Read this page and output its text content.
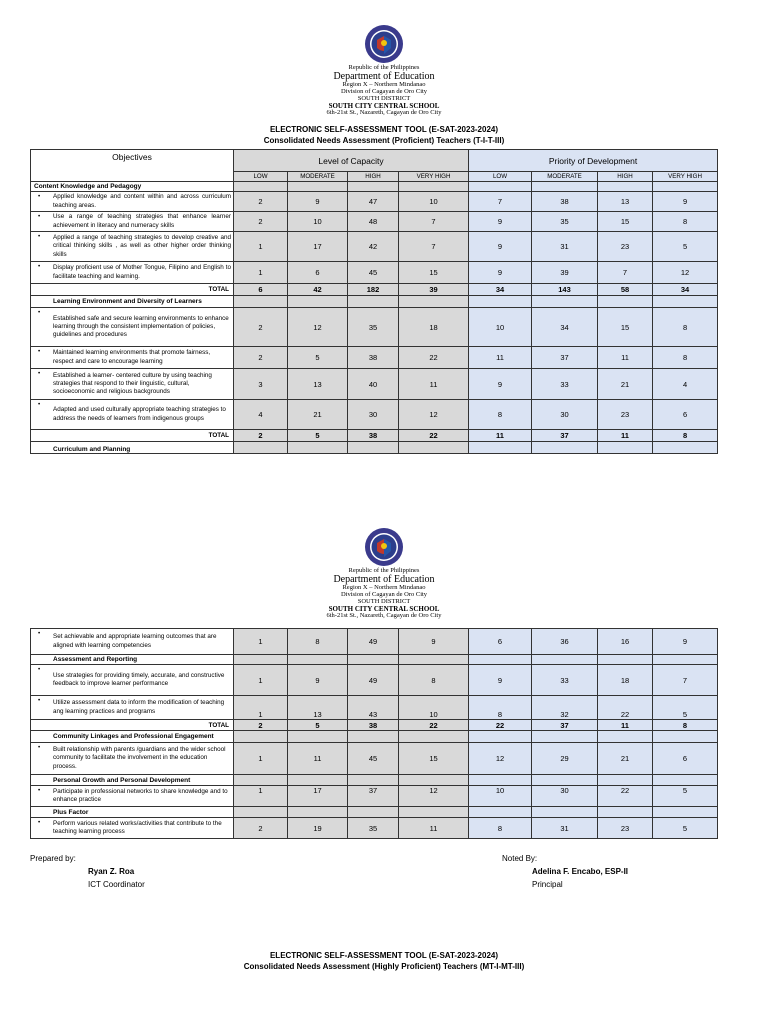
Republic of the Philippines
Department of Education
Region X – Northern Mindanao
Division of Cagayan de Oro City
SOUTH DISTRICT
SOUTH CITY CENTRAL SCHOOL
6th-21st St., Nazareth, Cagayan de Oro City
ELECTRONIC SELF-ASSESSMENT TOOL (E-SAT-2023-2024)
Consolidated Needs Assessment (Proficient) Teachers (T-I-T-III)
Objectives	Level of Capacity				Priority of Development			
	LOW	MODERATE	HIGH	VERY HIGH	LOW	MODERATE	HIGH	VERY HIGH
Content Knowledge and Pedagogy								
• Applied knowledge and content within and across curriculum teaching areas.	2	9	47	10	7	38	13	9
• Use a range of teaching strategies that enhance learner achievement in literacy and numeracy skills	2	10	48	7	9	35	15	8
• Applied a range of teaching strategies to develop creative and critical thinking skills , as well as other higher order thinking skills	1	17	42	7	9	31	23	5
• Display proficient use of Mother Tongue, Filipino and English to facilitate teaching and learning.	1	6	45	15	9	39	7	12
TOTAL	6	42	182	39	34	143	58	34
Learning Environment and Diversity of Learners								
• Established safe and secure learning environments to enhance learning through the consistent implementation of policies, guidelines and procedures	2	12	35	18	10	34	15	8
• Maintained learning environments that promote fairness, respect and care to encourage learning	2	5	38	22	11	37	11	8
• Established a learner- centered culture by using teaching strategies that respond to their linguistic, cultural, socioeconomic and religious backgrounds	3	13	40	11	9	33	21	4
• Adapted and used culturally appropriate teaching strategies to address the needs of learners from indigenous groups	4	21	30	12	8	30	23	6
TOTAL	2	5	38	22	11	37	11	8
Curriculum and Planning								
Republic of the Philippines
Department of Education
Region X – Northern Mindanao
Division of Cagayan de Oro City
SOUTH DISTRICT
SOUTH CITY CENTRAL SCHOOL
6th-21st St., Nazareth, Cagayan de Oro City
• Set achievable and appropriate learning outcomes that are aligned with learning competencies	1	8	49	9	6	36	16	9
Assessment and Reporting								
• Use strategies for providing timely, accurate, and constructive feedback to improve learner performance	1	9	49	8	9	33	18	7
• Utilize assessment data to inform the modification of teaching ang learning practices and programs	1	13	43	10	8	32	22	5
TOTAL	2	5	38	22	22	37	11	8
Community Linkages and Professional Engagement								
• Built relationship with parents /guardians and the wider school community to facilitate the involvement in the education process.	1	11	45	15	12	29	21	6
Personal Growth and Personal Development								
• Participate in professional networks to share knowledge and to enhance practice	1	17	37	12	10	30	22	5
Plus Factor								
• Perform various related works/activities that contribute to the teaching learning process	2	19	35	11	8	31	23	5
Prepared by:
Ryan Z. Roa
ICT Coordinator
Noted By:
Adelina F. Encabo, ESP-II
Principal
ELECTRONIC SELF-ASSESSMENT TOOL (E-SAT-2023-2024)
Consolidated Needs Assessment (Highly Proficient) Teachers (MT-I-MT-III)
